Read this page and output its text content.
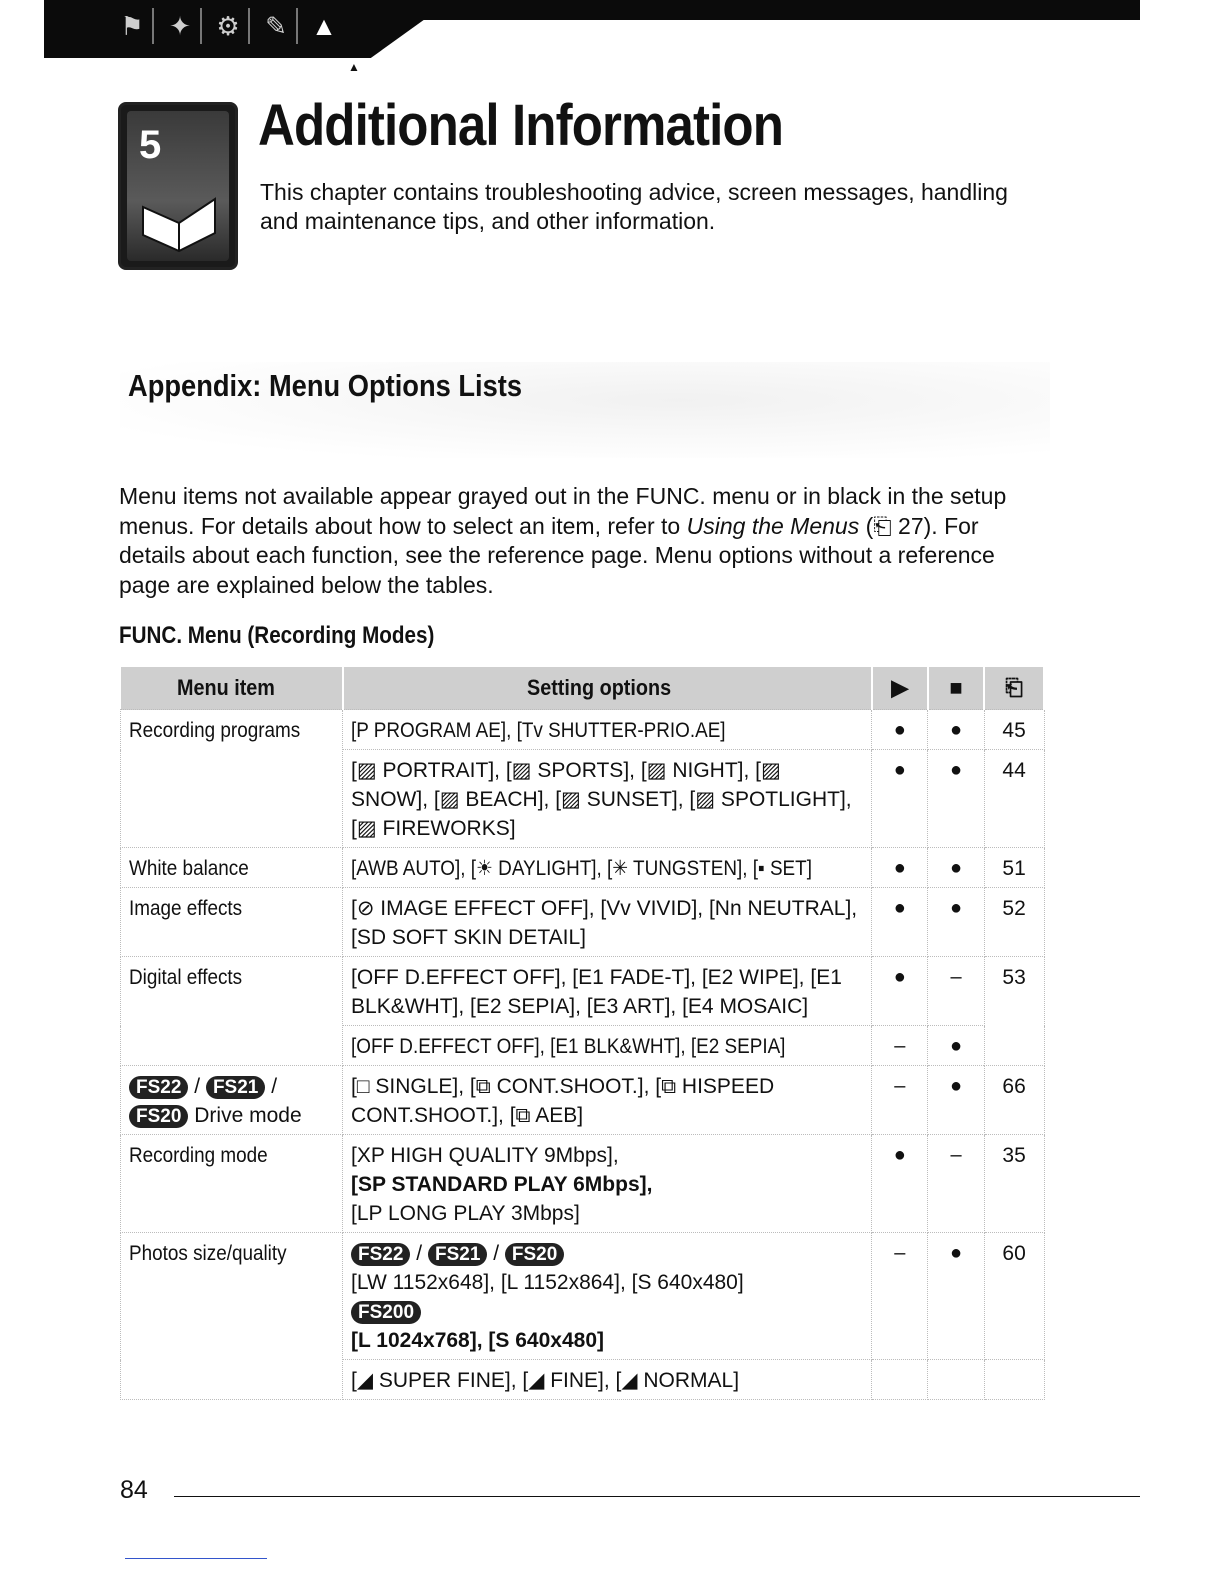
⚑ ✦ ⚙ ✎ ▲
▲
5 Additional Information
This chapter contains troubleshooting advice, screen messages, handling and maintenance tips, and other information.
Appendix: Menu Options Lists
Menu items not available appear grayed out in the FUNC. menu or in black in the setup menus. For details about how to select an item, refer to Using the Menus (⎗ 27). For details about each function, see the reference page. Menu options without a reference page are explained below the tables.
FUNC. Menu (Recording Modes)
Menu item	Setting options	▶	■	⎗
Recording programs	[P PROGRAM AE], [Tv SHUTTER-PRIO.AE]	●	●	45
	[▨ PORTRAIT], [▨ SPORTS], [▨ NIGHT], [▨ SNOW], [▨ BEACH], [▨ SUNSET], [▨ SPOTLIGHT], [▨ FIREWORKS]	●	●	44
White balance	[AWB AUTO], [☀ DAYLIGHT], [✳ TUNGSTEN], [▪ SET]	●	●	51
Image effects	[⊘ IMAGE EFFECT OFF], [Vv VIVID], [Nn NEUTRAL], [SD SOFT SKIN DETAIL]	●	●	52
Digital effects	[OFF D.EFFECT OFF], [E1 FADE-T], [E2 WIPE], [E1 BLK&WHT], [E2 SEPIA], [E3 ART], [E4 MOSAIC]	●	–	53
	[OFF D.EFFECT OFF], [E1 BLK&WHT], [E2 SEPIA]	–	●	
FS22 / FS21 /
FS20 Drive mode	[□ SINGLE], [⧉ CONT.SHOOT.], [⧉ HISPEED CONT.SHOOT.], [⧉ AEB]	–	●	66
Recording mode	[XP HIGH QUALITY 9Mbps],
[SP STANDARD PLAY 6Mbps],
[LP LONG PLAY 3Mbps]	●	–	35
Photos size/quality	FS22 / FS21 / FS20
[LW 1152x648], [L 1152x864], [S 640x480]
FS200
[L 1024x768], [S 640x480]	–	●	60
	[◢ SUPER FINE], [◢ FINE], [◢ NORMAL]			
84
